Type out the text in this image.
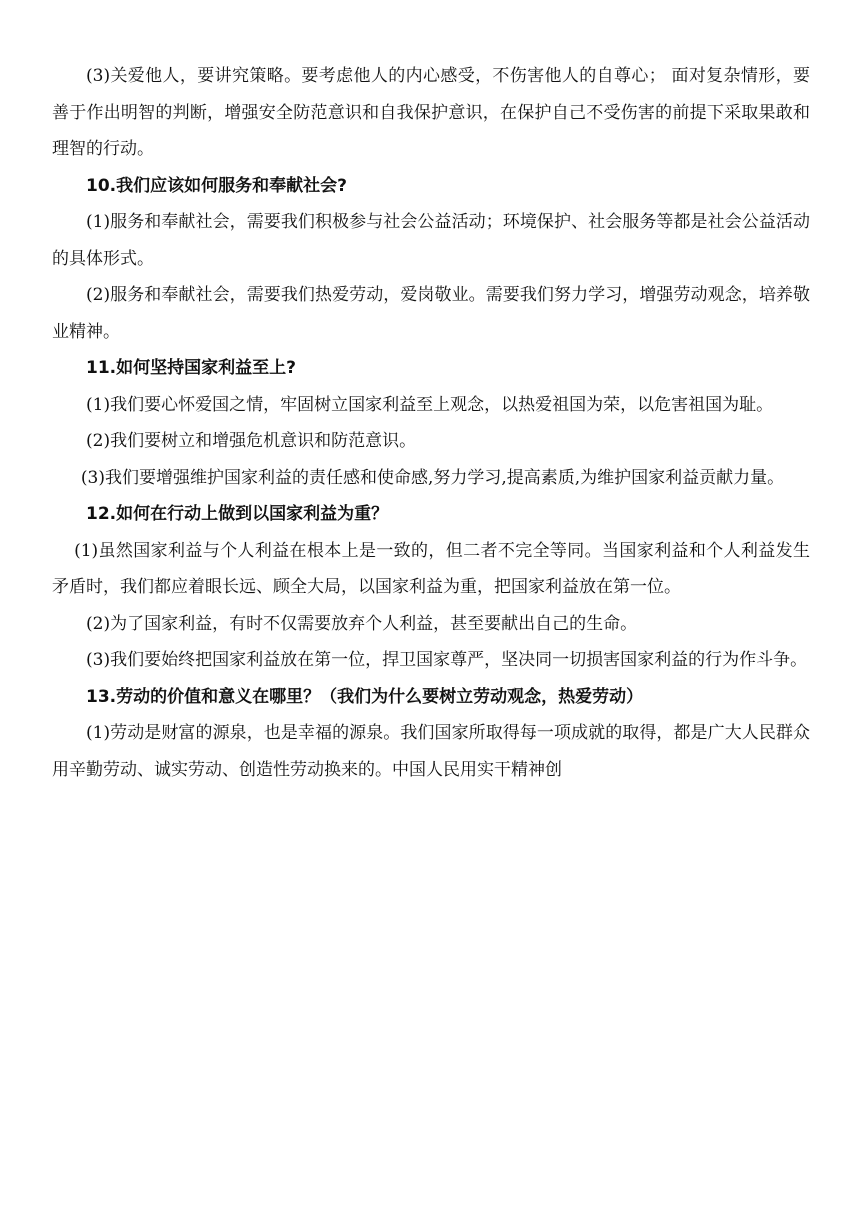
(3)关爱他人，要讲究策略。要考虑他人的内心感受，不伤害他人的自尊心； 面对复杂情形，要善于作出明智的判断，增强安全防范意识和自我保护意识，在保护自己不受伤害的前提下采取果敢和理智的行动。

10.我们应该如何服务和奉献社会?

(1)服务和奉献社会，需要我们积极参与社会公益活动；环境保护、社会服务等都是社会公益活动的具体形式。

(2)服务和奉献社会，需要我们热爱劳动，爱岗敬业。需要我们努力学习，增强劳动观念，培养敬业精神。

11.如何坚持国家利益至上?

(1)我们要心怀爱国之情，牢固树立国家利益至上观念，以热爱祖国为荣，以危害祖国为耻。

(2)我们要树立和增强危机意识和防范意识。

(3)我们要增强维护国家利益的责任感和使命感,努力学习,提高素质,为维护国家利益贡献力量。

12.如何在行动上做到以国家利益为重？

(1)虽然国家利益与个人利益在根本上是一致的，但二者不完全等同。当国家利益和个人利益发生矛盾时，我们都应着眼长远、顾全大局，以国家利益为重，把国家利益放在第一位。

(2)为了国家利益，有时不仅需要放弃个人利益，甚至要献出自己的生命。

(3)我们要始终把国家利益放在第一位，捍卫国家尊严，坚决同一切损害国家利益的行为作斗争。

13.劳动的价值和意义在哪里？（我们为什么要树立劳动观念，热爱劳动）

(1)劳动是财富的源泉，也是幸福的源泉。我们国家所取得每一项成就的取得，都是广大人民群众用辛勤劳动、诚实劳动、创造性劳动换来的。中国人民用实干精神创
